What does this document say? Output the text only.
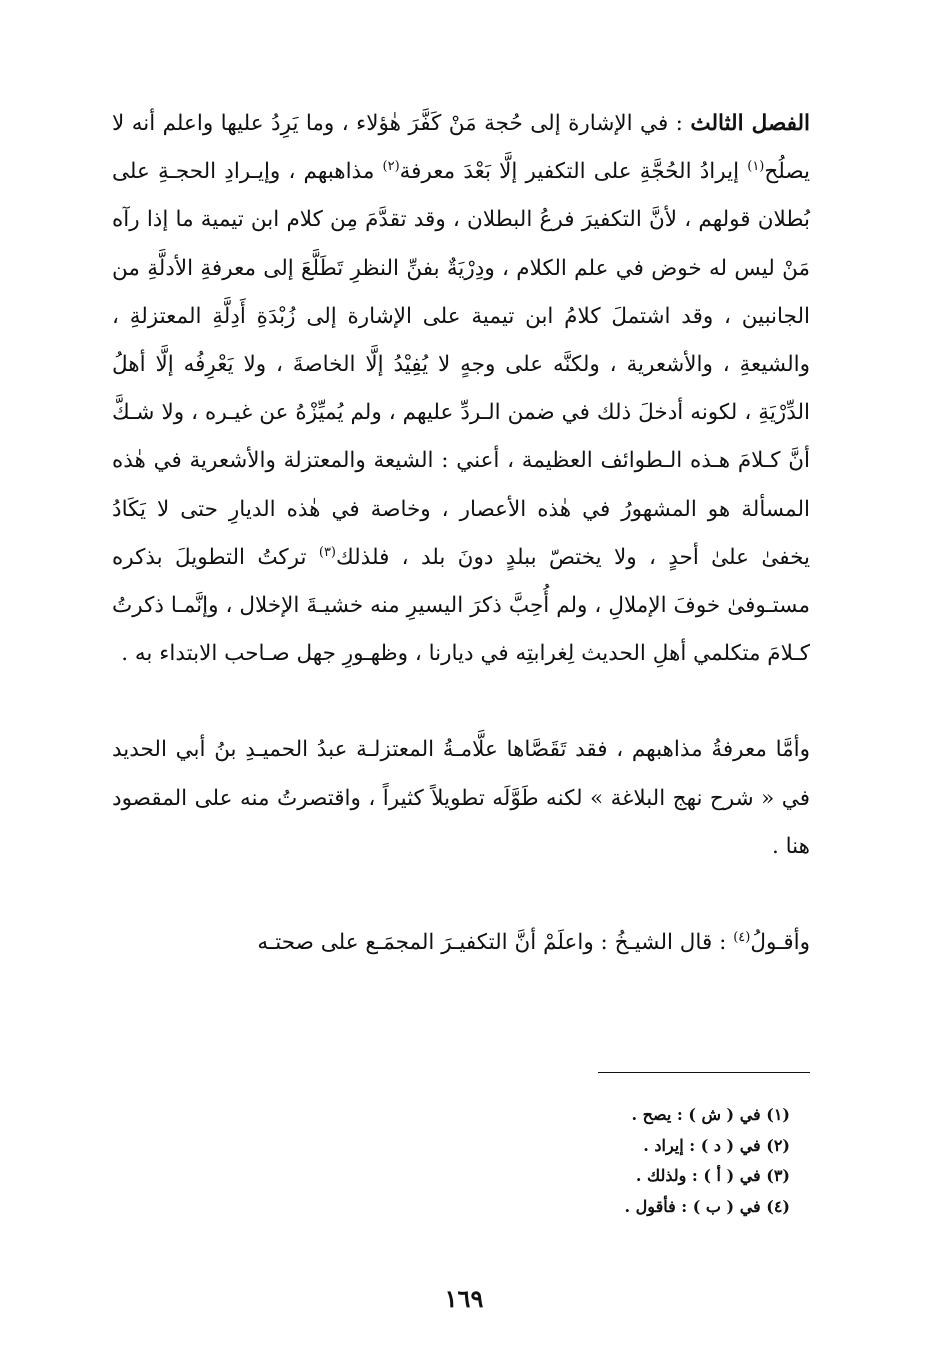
الفصل الثالث : في الإشارة إلى حُجة مَنْ كَفَّرَ هٰؤلاء ، وما يَرِدُ عليها واعلم أنه لا يصلُح$^{(١)}$ إيرادُ الحُجَّةِ على التكفير إلَّا بَعْدَ معرفة$^{(٢)}$ مذاهبهم ، وإيـرادِ الحجـةِ على بُطلان قولهم ، لأنَّ التكفيرَ فرعُ البطلان ، وقد تقدَّمَ مِن كلام ابن تيمية ما إذا رآه مَنْ ليس له خوض في علم الكلام ، ودِرْيَةٌ بفنِّ النظرِ تَطَلَّعَ إلى معرفةِ الأدلَّةِ من الجانبين ، وقد اشتملَ كلامُ ابن تيمية على الإشارة إلى زُبْدَةِ أَدِلَّةِ المعتزلةِ ، والشيعةِ ، والأشعرية ، ولكنَّه على وجهٍ لا يُفِيْدُ إلَّا الخاصةَ ، ولا يَعْرِفُه إلَّا أهلُ الدِّرْيَةِ ، لكونه أدخلَ ذلك في ضمن الـردِّ عليهم ، ولم يُميِّزْهُ عن غيـره ، ولا شـكَّ أنَّ كـلامَ هـذه الـطوائف العظيمة ، أعني : الشيعة والمعتزلة والأشعرية في هٰذه المسألة هو المشهورُ في هٰذه الأعصار ، وخاصة في هٰذه الديارِ حتى لا يَكَادُ يخفىٰ علىٰ أحدٍ ، ولا يختصّ ببلدٍ دونَ بلد ، فلذلك$^{(٣)}$ تركتُ التطويلَ بذكره مستـوفىٰ خوفَ الإملالِ ، ولم أُحِبَّ ذكرَ اليسيرِ منه خشيـةَ الإخلال ، وإنَّمـا ذكرتُ كـلامَ متكلمي أهلِ الحديث لِغرابتِه في ديارنا ، وظهـورِ جهل صـاحب الابتداء به .

وأمَّا معرفةُ مذاهبهم ، فقد تَقَصَّاها علَّامـةُ المعتزلـة عبدُ الحميـدِ بنُ أبي الحديد في « شرح نهج البلاغة » لكنه طَوَّلَه تطويلاً كثيراً ، واقتصرتُ منه على المقصود هنا .

وأقـولُ$^{(٤)}$ : قال الشيـخُ : واعلَمْ أنَّ التكفيـرَ المجمَـع على صحتـه

(١) في ( ش ) : يصح .
(٢) في ( د ) : إيراد .
(٣) في ( أ ) : ولذلك .
(٤) في ( ب ) : فأقول .
١٦٩
